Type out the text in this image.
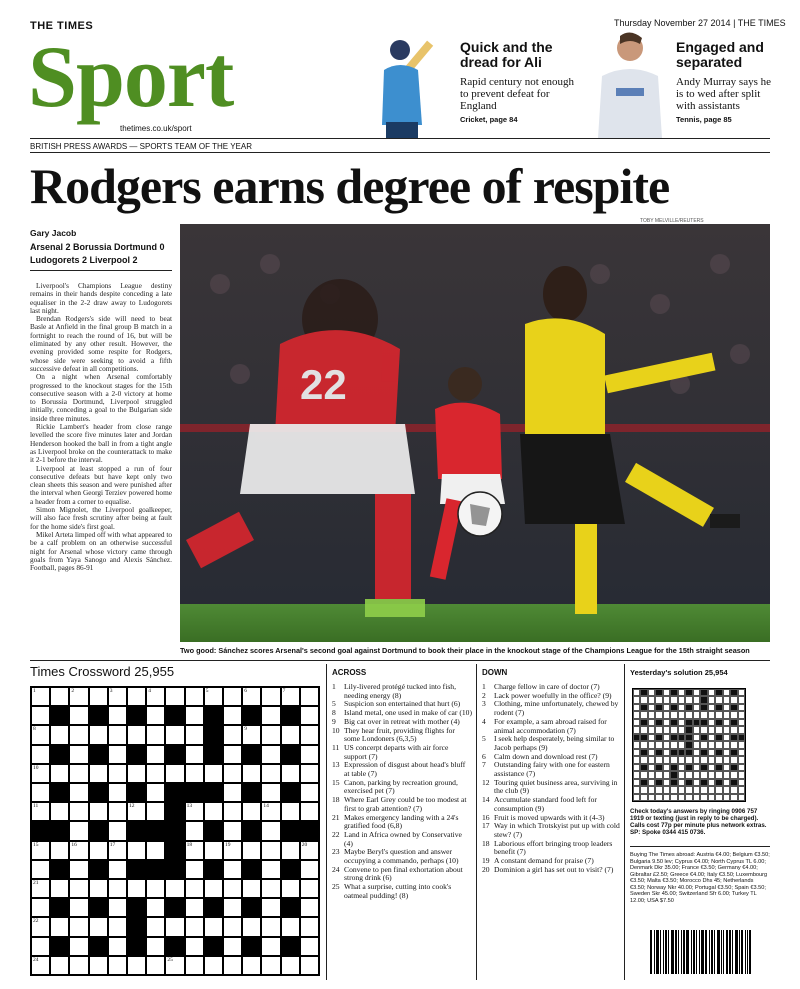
THE TIMES
Sport
thetimes.co.uk/sport
Thursday November 27 2014 | THE TIMES
Quick and the dread for Ali
Rapid century not enough to prevent defeat for England
Cricket, page 84
Engaged and separated
Andy Murray says he is to wed after split with assistants
Tennis, page 85
BRITISH PRESS AWARDS — SPORTS TEAM OF THE YEAR
Rodgers earns degree of respite
TOBY MELVILLE/REUTERS
Gary Jacob
Arsenal 2 Borussia Dortmund 0
Ludogorets 2 Liverpool 2

Liverpool's Champions League destiny remains in their hands despite conceding a late equaliser in the 2-2 draw away to Ludogorets last night.

Brendan Rodgers's side will need to beat Basle at Anfield in the final group B match in a fortnight to reach the round of 16, but will be eliminated by any other result. However, the evening provided some respite for Rodgers, whose side were seeking to avoid a fifth successive defeat in all competitions.

On a night when Arsenal comfortably progressed to the knockout stages for the 15th consecutive season with a 2-0 victory at home to Borussia Dortmund, Liverpool struggled initially, conceding a goal to the Bulgarian side inside three minutes.

Rickie Lambert's header from close range levelled the score five minutes later and Jordan Henderson hooked the ball in from a tight angle as Liverpool broke on the counterattack to make it 2-1 before the interval.

Liverpool at least stopped a run of four consecutive defeats but have kept only two clean sheets this season and were punished after the interval when Georgi Terziev powered home a header from a corner to equalise.

Simon Mignolet, the Liverpool goalkeeper, will also face fresh scrutiny after being at fault for the home side's first goal.

Mikel Arteta limped off with what appeared to be a calf problem on an otherwise successful night for Arsenal whose victory came through goals from Yaya Sanogo and Alexis Sánchez. Football, pages 86-91

22
Two good: Sánchez scores Arsenal's second goal against Dortmund to book their place in the knockout stage of the Champions League for the 15th straight season
Times Crossword 25,955
1	2	3	4	5	6	7
8	9
10
11	12	13	14
15	16	17	18	19	20
21
22
24	25
ACROSS
1 Lily-livered protégé tucked into fish, needing energy (8)
5 Suspicion son entertained that hurt (6)
8 Island metal, one used in make of car (10)
9 Big cat over in retreat with mother (4)
10 They hear fruit, providing flights for some Londoners (6,3,5)
11 US concerpt departs with air force support (7)
13 Expression of disgust about head's bluff at table (7)
15 Canon, parking by recreation ground, exercised pet (7)
18 Where Earl Grey could be too modest at first to grab attention? (7)
21 Makes emergency landing with a 24's gratified food (6,8)
22 Land in Africa owned by Conservative (4)
23 Maybe Beryl's question and answer occupying a commando, perhaps (10)
24 Convene to pen final exhortation about strong drink (6)
25 What a surprise, cutting into cook's oatmeal pudding! (8)
DOWN
1 Charge fellow in care of doctor (7)
2 Lack power woefully in the office? (9)
3 Clothing, mine unfortunately, chewed by rodent (7)
4 For example, a sam abroad raised for animal accommodation (7)
5 I seek help desperately, being similar to Jacob perhaps (9)
6 Calm down and download rest (7)
7 Outstanding fairy with one for eastern assistance (7)
12 Touring quiet business area, surviving in the club (9)
14 Accumulate standard food left for consumption (9)
16 Fruit is moved upwards with it (4-3)
17 Way in which Trotskyist put up with cold stew? (7)
18 Laborious effort bringing troop leaders benefit (7)
19 A constant demand for praise (7)
20 Dominion a girl has set out to visit? (7)
Yesterday's solution 25,954
Check today's answers by ringing 0906 757 1919 or texting (just in reply to be charged). Calls cost 77p per minute plus network extras. SP: Spoke 0344 415 0736.
Buying The Times abroad: Austria €4.00; Belgium €3.50; Bulgaria 9.50 lev; Cyprus €4.00; North Cyprus TL 6.00; Denmark Dkr 35.00; France €3.50; Germany €4.00; Gibraltar £2.50; Greece €4.00; Italy €3.50; Luxembourg €3.50; Malta €3.50; Morocco Dhs 45; Netherlands €3.50; Norway Nkr 40.00; Portugal €3.50; Spain €3.50; Sweden Skr 45.00; Switzerland Sfr 6.00; Turkey TL 12.00; USA $7.50
